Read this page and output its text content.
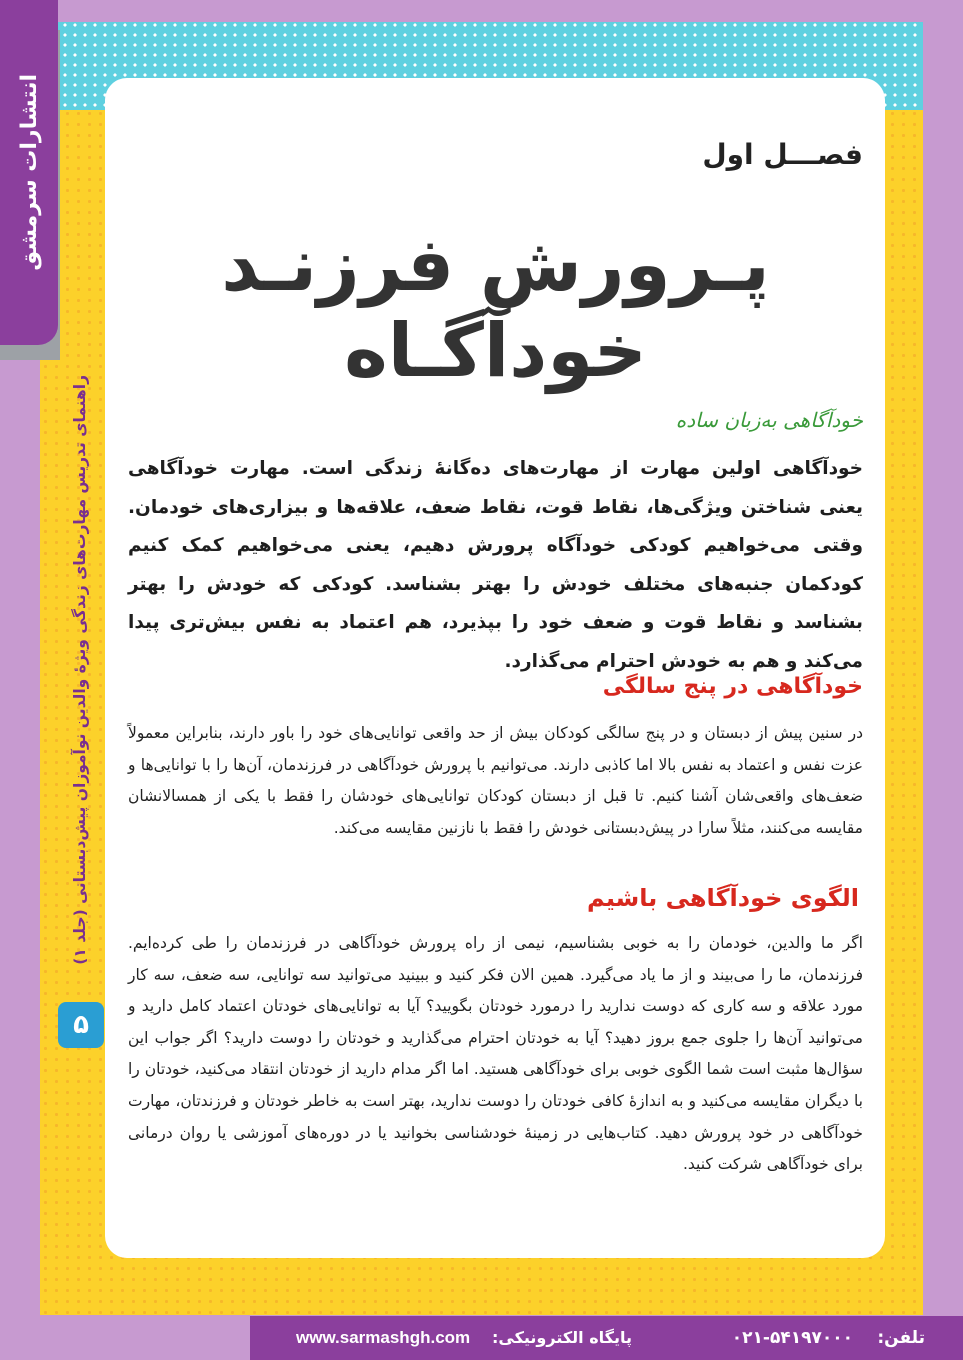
انتشارات سرمشق
راهنمای تدریس مهارت‌های زندگی ویژهٔ والدین نوآموزان پیش‌دبستانی (جلد ۱)
۵
فصـــل اول
پـرورش فرزنـد خودآگـاه
خودآگاهی به‌زبان ساده
خودآگاهی اولین مهارت از مهارت‌های ده‌گانهٔ زندگی است. مهارت خودآگاهی یعنی شناختن ویژگی‌ها، نقاط قوت، نقاط ضعف، علاقه‌ها و بیزاری‌های خودمان. وقتی می‌خواهیم کودکی خودآگاه پرورش دهیم، یعنی می‌خواهیم کمک کنیم کودکمان جنبه‌های مختلف خودش را بهتر بشناسد. کودکی که خودش را بهتر بشناسد و نقاط قوت و ضعف خود را بپذیرد، هم اعتماد به نفس بیش‌تری پیدا می‌کند و هم به خودش احترام می‌گذارد.
خودآگاهی در پنج سالگی
در سنین پیش از دبستان و در پنج سالگی کودکان بیش از حد واقعی توانایی‌های خود را باور دارند، بنابراین معمولاً عزت نفس و اعتماد به نفس بالا اما کاذبی دارند. می‌توانیم با پرورش خودآگاهی در فرزندمان، آن‌ها را با توانایی‌ها و ضعف‌های واقعی‌شان آشنا کنیم. تا قبل از دبستان کودکان توانایی‌های خودشان را فقط با یکی از همسالانشان مقایسه می‌کنند، مثلاً سارا در پیش‌دبستانی خودش را فقط با نازنین مقایسه می‌کند.
الگوی خودآگاهی باشیم
اگر ما والدین، خودمان را به خوبی بشناسیم، نیمی از راه پرورش خودآگاهی در فرزندمان را طی کرده‌ایم. فرزندمان، ما را می‌بیند و از ما یاد می‌گیرد. همین الان فکر کنید و ببینید می‌توانید سه توانایی، سه ضعف، سه کار مورد علاقه و سه کاری که دوست ندارید را درمورد خودتان بگویید؟ آیا به توانایی‌های خودتان اعتماد کامل دارید و می‌توانید آن‌ها را جلوی جمع بروز دهید؟ آیا به خودتان احترام می‌گذارید و خودتان را دوست دارید؟ اگر جواب این سؤال‌ها مثبت است شما الگوی خوبی برای خودآگاهی هستید. اما اگر مدام دارید از خودتان انتقاد می‌کنید، خودتان را با دیگران مقایسه می‌کنید و به اندازهٔ کافی خودتان را دوست ندارید، بهتر است به خاطر خودتان و فرزندتان، مهارت خودآگاهی در خود پرورش دهید. کتاب‌هایی در زمینهٔ خودشناسی بخوانید یا در دوره‌های آموزشی یا روان درمانی برای خودآگاهی شرکت کنید.
تلفن:
۰۲۱-۵۴۱۹۷۰۰۰
پایگاه الکترونیکی:
www.sarmashgh.com
